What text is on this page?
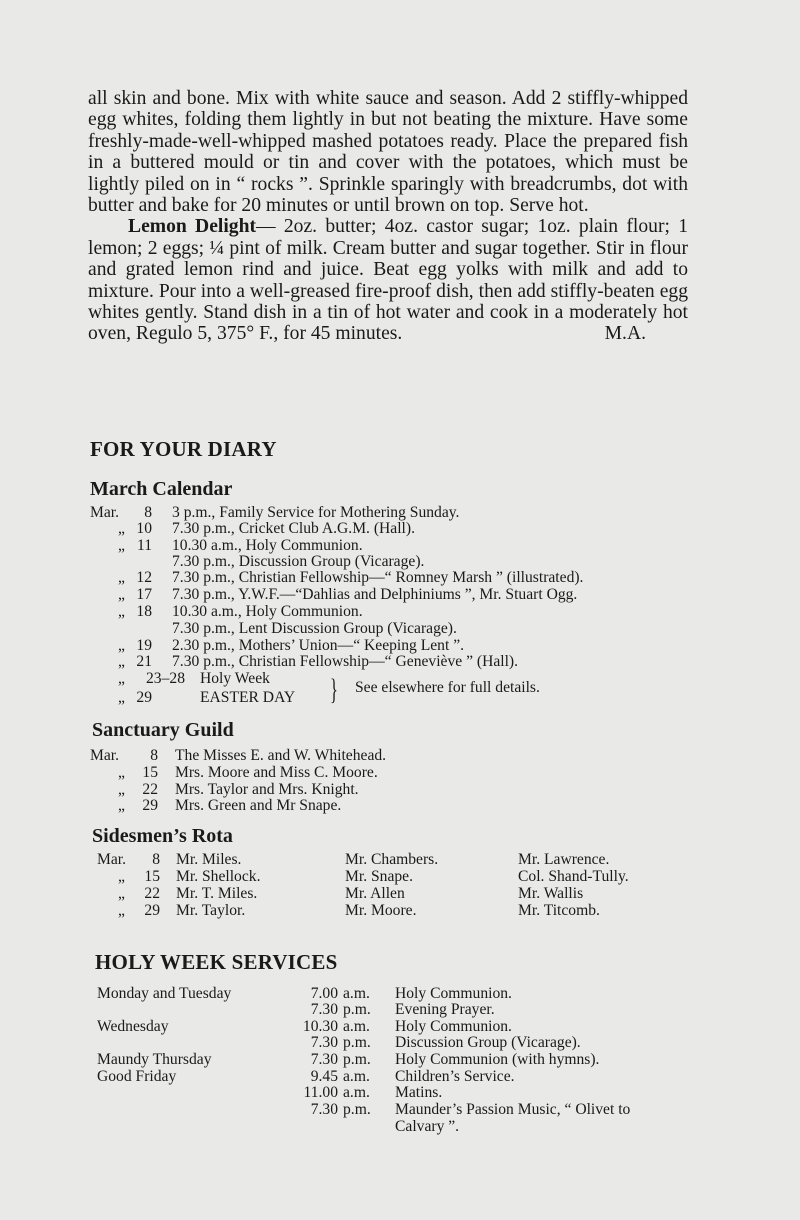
all skin and bone. Mix with white sauce and season. Add 2 stiffly-whipped egg whites, folding them lightly in but not beating the mixture. Have some freshly-made-well-whipped mashed potatoes ready. Place the prepared fish in a buttered mould or tin and cover with the potatoes, which must be lightly piled on in “ rocks ”. Sprinkle sparingly with breadcrumbs, dot with butter and bake for 20 minutes or until brown on top. Serve hot.

Lemon Delight— 2oz. butter; 4oz. castor sugar; 1oz. plain flour; 1 lemon; 2 eggs; ¼ pint of milk. Cream butter and sugar together. Stir in flour and grated lemon rind and juice. Beat egg yolks with milk and add to mixture. Pour into a well-greased fire-proof dish, then add stiffly-beaten egg whites gently. Stand dish in a tin of hot water and cook in a moderately hot oven, Regulo 5, 375° F., for 45 minutes.	M.A.

FOR YOUR DIARY
March Calendar
Mar.	8 3 p.m., Family Service for Mothering Sunday.
„ 10 7.30 p.m., Cricket Club A.G.M. (Hall).
„ 11 10.30 a.m., Holy Communion.
7.30 p.m., Discussion Group (Vicarage).
„ 12 7.30 p.m., Christian Fellowship—“ Romney Marsh ” (illustrated).
„ 17 7.30 p.m., Y.W.F.—“Dahlias and Delphiniums ”, Mr. Stuart Ogg.
„ 18 10.30 a.m., Holy Communion.
7.30 p.m., Lent Discussion Group (Vicarage).
„ 19 2.30 p.m., Mothers’ Union—“ Keeping Lent ”.
„ 21 7.30 p.m., Christian Fellowship—“ Geneviève ” (Hall).
„ 23–28 Holy Week
„ 29	EASTER DAY } See elsewhere for full details.
Sanctuary Guild
Mar.	8 The Misses E. and W. Whitehead.
„	15 Mrs. Moore and Miss C. Moore.
„	22 Mrs. Taylor and Mrs. Knight.
„	29 Mrs. Green and Mr Snape.
Sidesmen’s Rota
Mar.	8 Mr. Miles.	Mr. Chambers.	Mr. Lawrence.
„	15 Mr. Shellock.	Mr. Snape.	Col. Shand-Tully.
„	22 Mr. T. Miles.	Mr. Allen	Mr. Wallis
„	29 Mr. Taylor.	Mr. Moore.	Mr. Titcomb.
HOLY WEEK SERVICES
Monday and Tuesday	7.00 a.m. Holy Communion.
7.30 p.m. Evening Prayer.
Wednesday	10.30 a.m. Holy Communion.
7.30 p.m. Discussion Group (Vicarage).
Maundy Thursday	7.30 p.m. Holy Communion (with hymns).
Good Friday	9.45 a.m. Children’s Service.
11.00 a.m. Matins.
7.30 p.m. Maunder’s Passion Music, “ Olivet to
Calvary ”.
